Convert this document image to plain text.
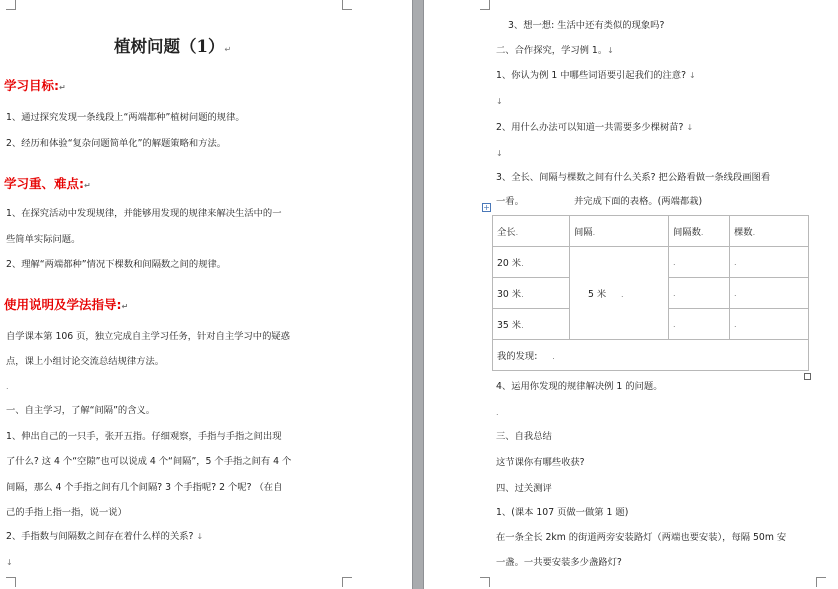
植树问题（1）↵
学习目标:↵
1、通过探究发现一条线段上“两端都种”植树问题的规律。
2、经历和体验“复杂问题简单化”的解题策略和方法。
学习重、难点:↵
1、在探究活动中发现规律，并能够用发现的规律来解决生活中的一
些简单实际问题。
2、理解“两端都种”情况下棵数和间隔数之间的规律。
使用说明及学法指导:↵
自学课本第 106 页，独立完成自主学习任务，针对自主学习中的疑惑
点，课上小组讨论交流总结规律方法。
.
一、自主学习，了解“间隔”的含义。
1、伸出自己的一只手，张开五指。仔细观察，手指与手指之间出现
了什么? 这 4 个“空隙”也可以说成 4 个“间隔”，5 个手指之间有 4 个
间隔，那么 4 个手指之间有几个间隔? 3 个手指呢? 2 个呢? （在自
己的手指上指一指，说一说）
2、手指数与间隔数之间存在着什么样的关系? ↓
↓
3、想一想: 生活中还有类似的现象吗?
二、合作探究，学习例 1。↓
1、你认为例 1 中哪些词语要引起我们的注意? ↓
↓
2、用什么办法可以知道一共需要多少棵树苗? ↓
↓
3、全长、间隔与棵数之间有什么关系? 把公路看做一条线段画图看
+
一看。	并完成下面的表格。(两端都栽)
全长.	间隔.	间隔数.	棵数.
20 米.	5 米 .	.	.
30 米.		.	.
35 米.		.	.
我的发现: .			
4、运用你发现的规律解决例 1 的问题。
.
三、自我总结
这节课你有哪些收获?
四、过关测评
1、(课本 107 页做一做第 1 题)
在一条全长 2km 的街道两旁安装路灯（两端也要安装），每隔 50m 安
一盏。一共要安装多少盏路灯?
